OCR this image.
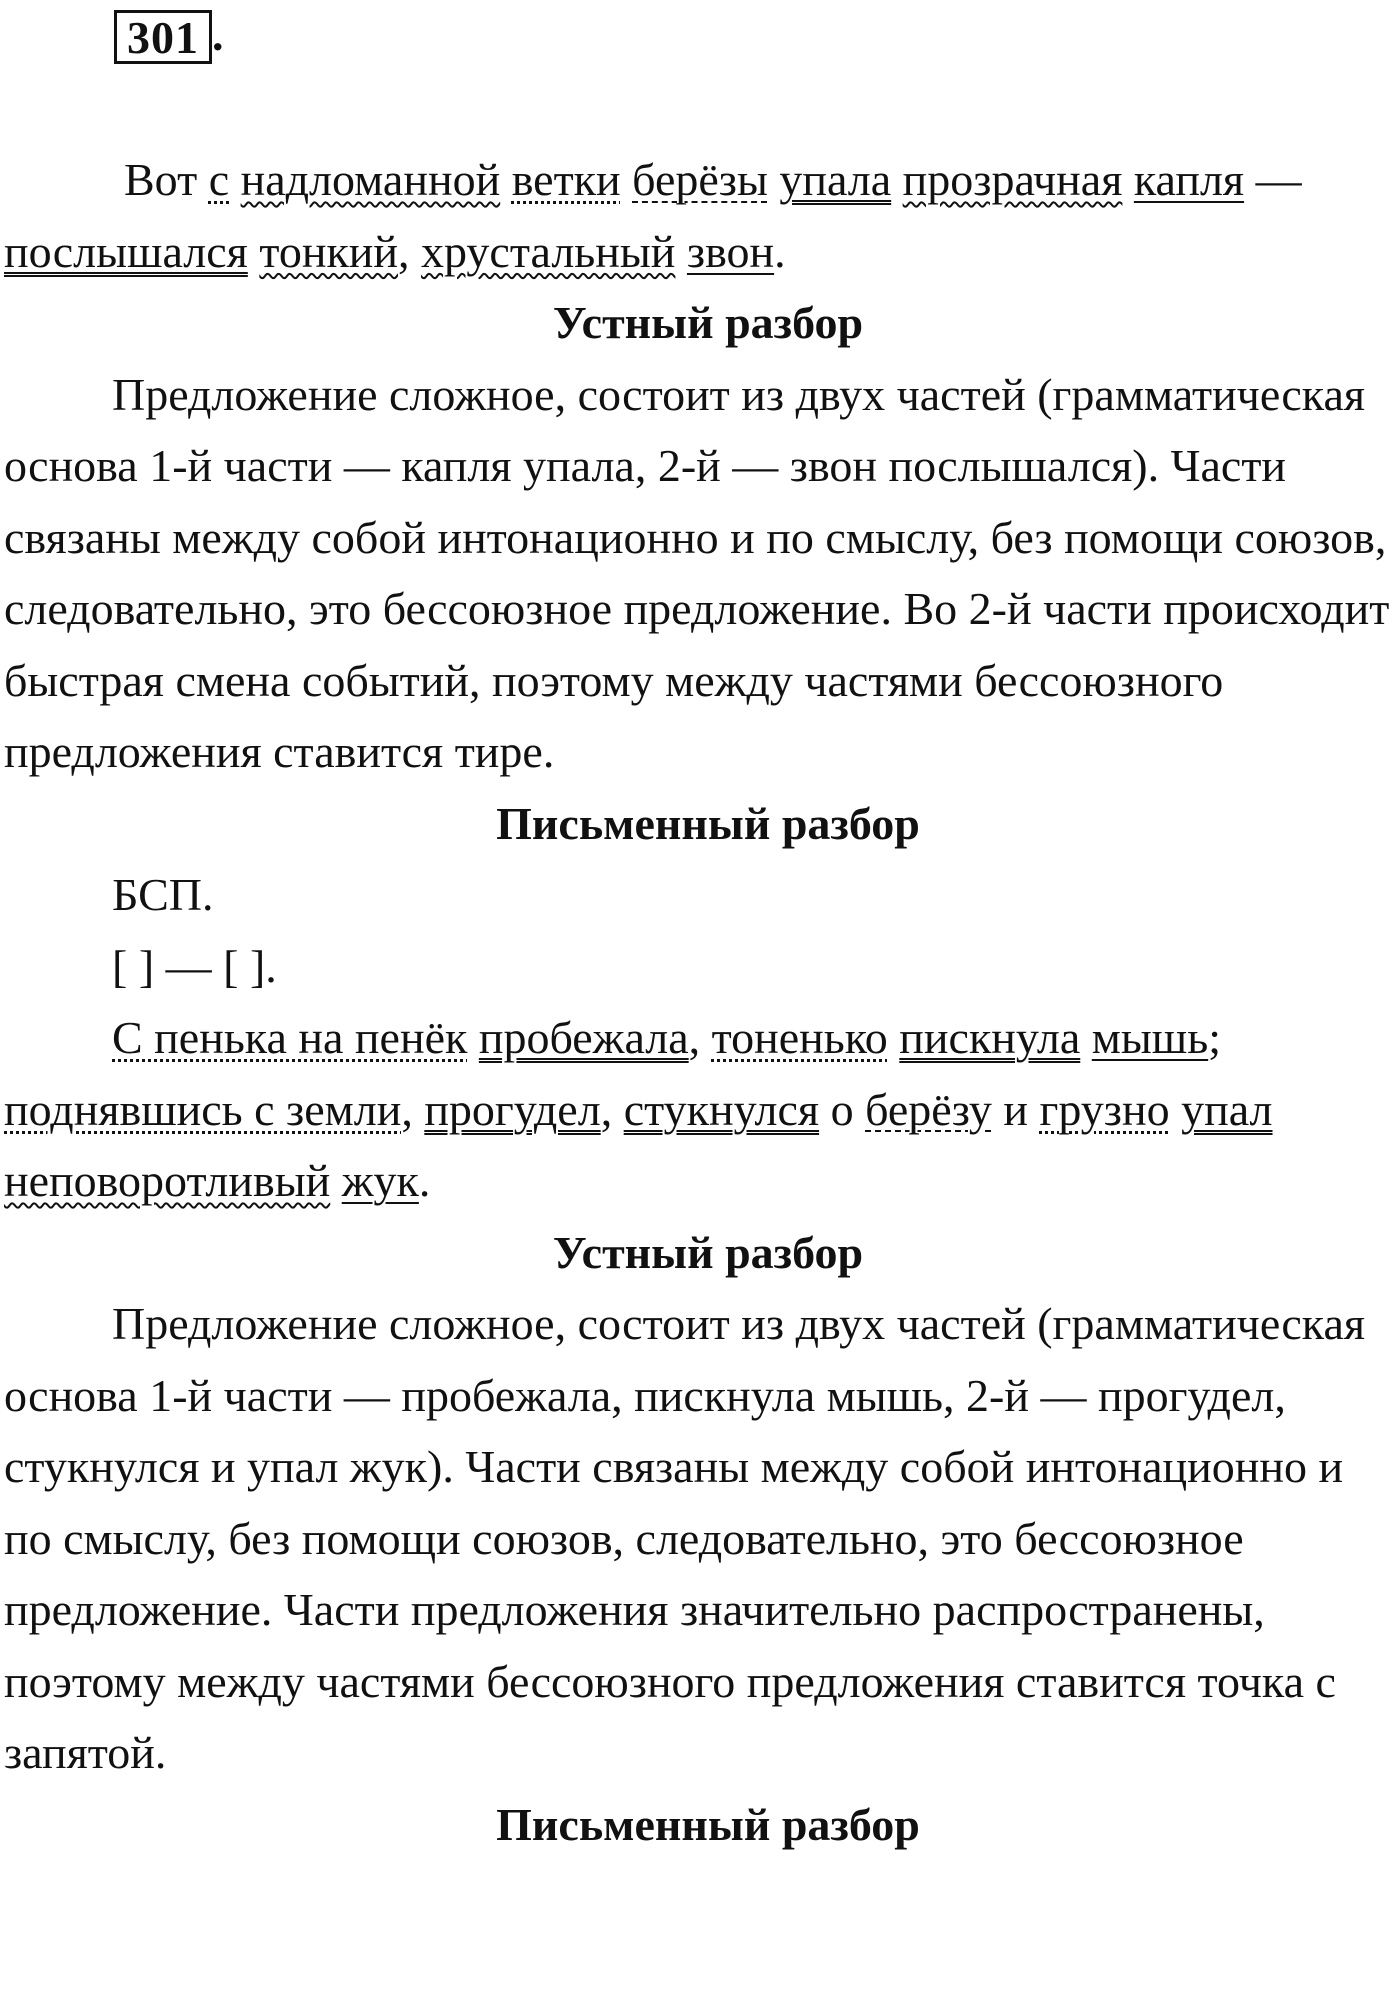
301 .

Вот с надломанной ветки берёзы упала прозрачная капля — послышался тонкий, хрустальный звон.

Устный разбор

Предложение сложное, состоит из двух частей (грамматическая основа 1-й части — капля упала, 2-й — звон послышался). Части связаны между собой интонационно и по смыслу, без помощи союзов, следовательно, это бессоюзное предложение. Во 2-й части происходит быстрая смена событий, поэтому между частями бессоюзного предложения ставится тире.

Письменный разбор

БСП.

[ ] — [ ].

С пенька на пенёк пробежала, тоненько пискнула мышь; поднявшись с земли, прогудел, стукнулся о берёзу и грузно упал неповоротливый жук.

Устный разбор

Предложение сложное, состоит из двух частей (грамматическая основа 1-й части — пробежала, пискнула мышь, 2-й — прогудел, стукнулся и упал жук). Части связаны между собой интонационно и по смыслу, без помощи союзов, следовательно, это бессоюзное предложение. Части предложения значительно распространены, поэтому между частями бессоюзного предложения ставится точка с запятой.

Письменный разбор
